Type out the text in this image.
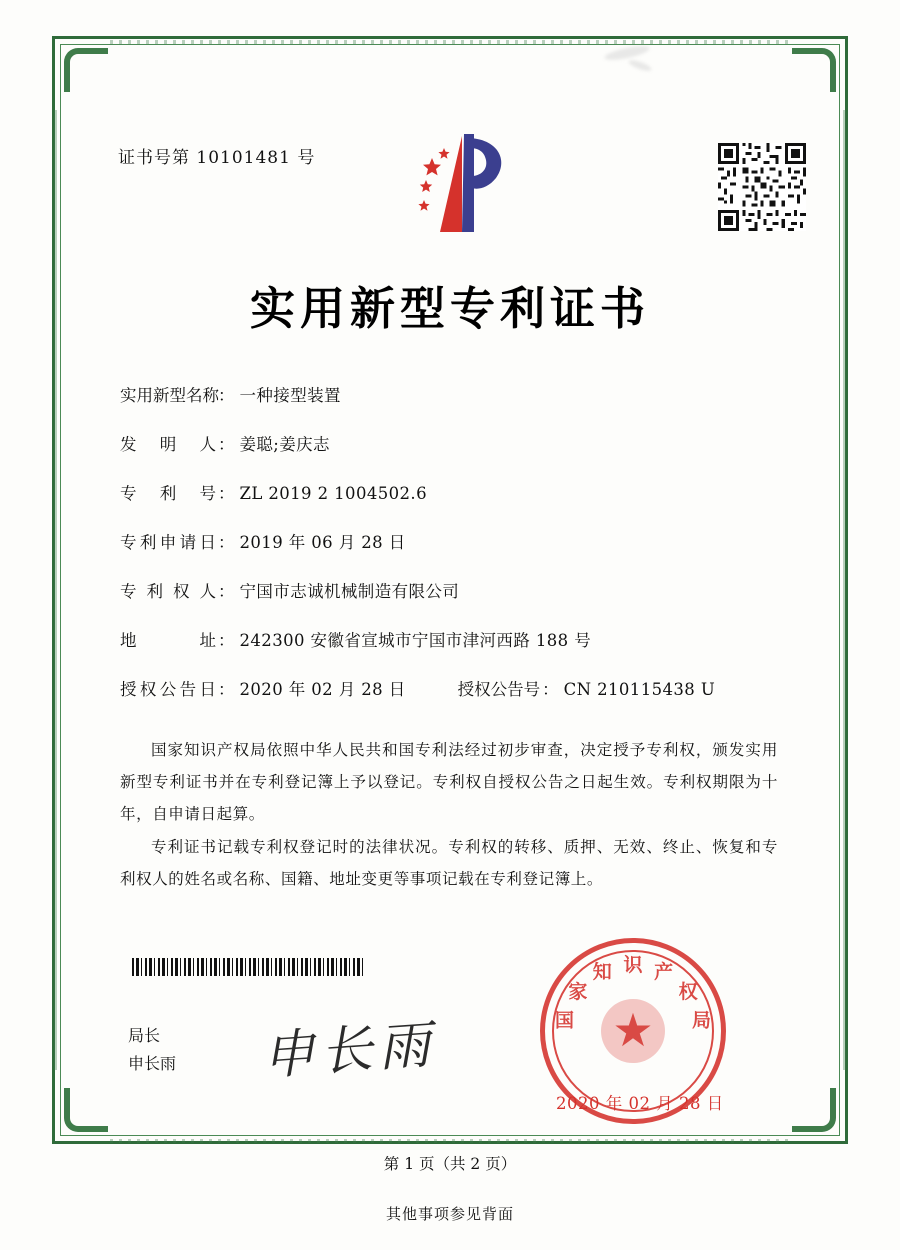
证书号第 10101481 号
实用新型专利证书
实用新型名称 ： 一种接型装置
发明人 ： 姜聪;姜庆志
专利号 ： ZL 2019 2 1004502.6
专利申请日 ： 2019 年 06 月 28 日
专利权人 ： 宁国市志诚机械制造有限公司
地址 ： 242300 安徽省宣城市宁国市津河西路 188 号
授权公告日 ： 2020 年 02 月 28 日	授权公告号 ： CN 210115438 U

国家知识产权局依照中华人民共和国专利法经过初步审查，决定授予专利权，颁发实用新型专利证书并在专利登记簿上予以登记。专利权自授权公告之日起生效。专利权期限为十年，自申请日起算。

专利证书记载专利权登记时的法律状况。专利权的转移、质押、无效、终止、恢复和专利权人的姓名或名称、国籍、地址变更等事项记载在专利登记簿上。

局长
申长雨 申长雨	★
国
家
知 识 产
权
局
2020 年 02 月 28 日
第 1 页（共 2 页）
其他事项参见背面
